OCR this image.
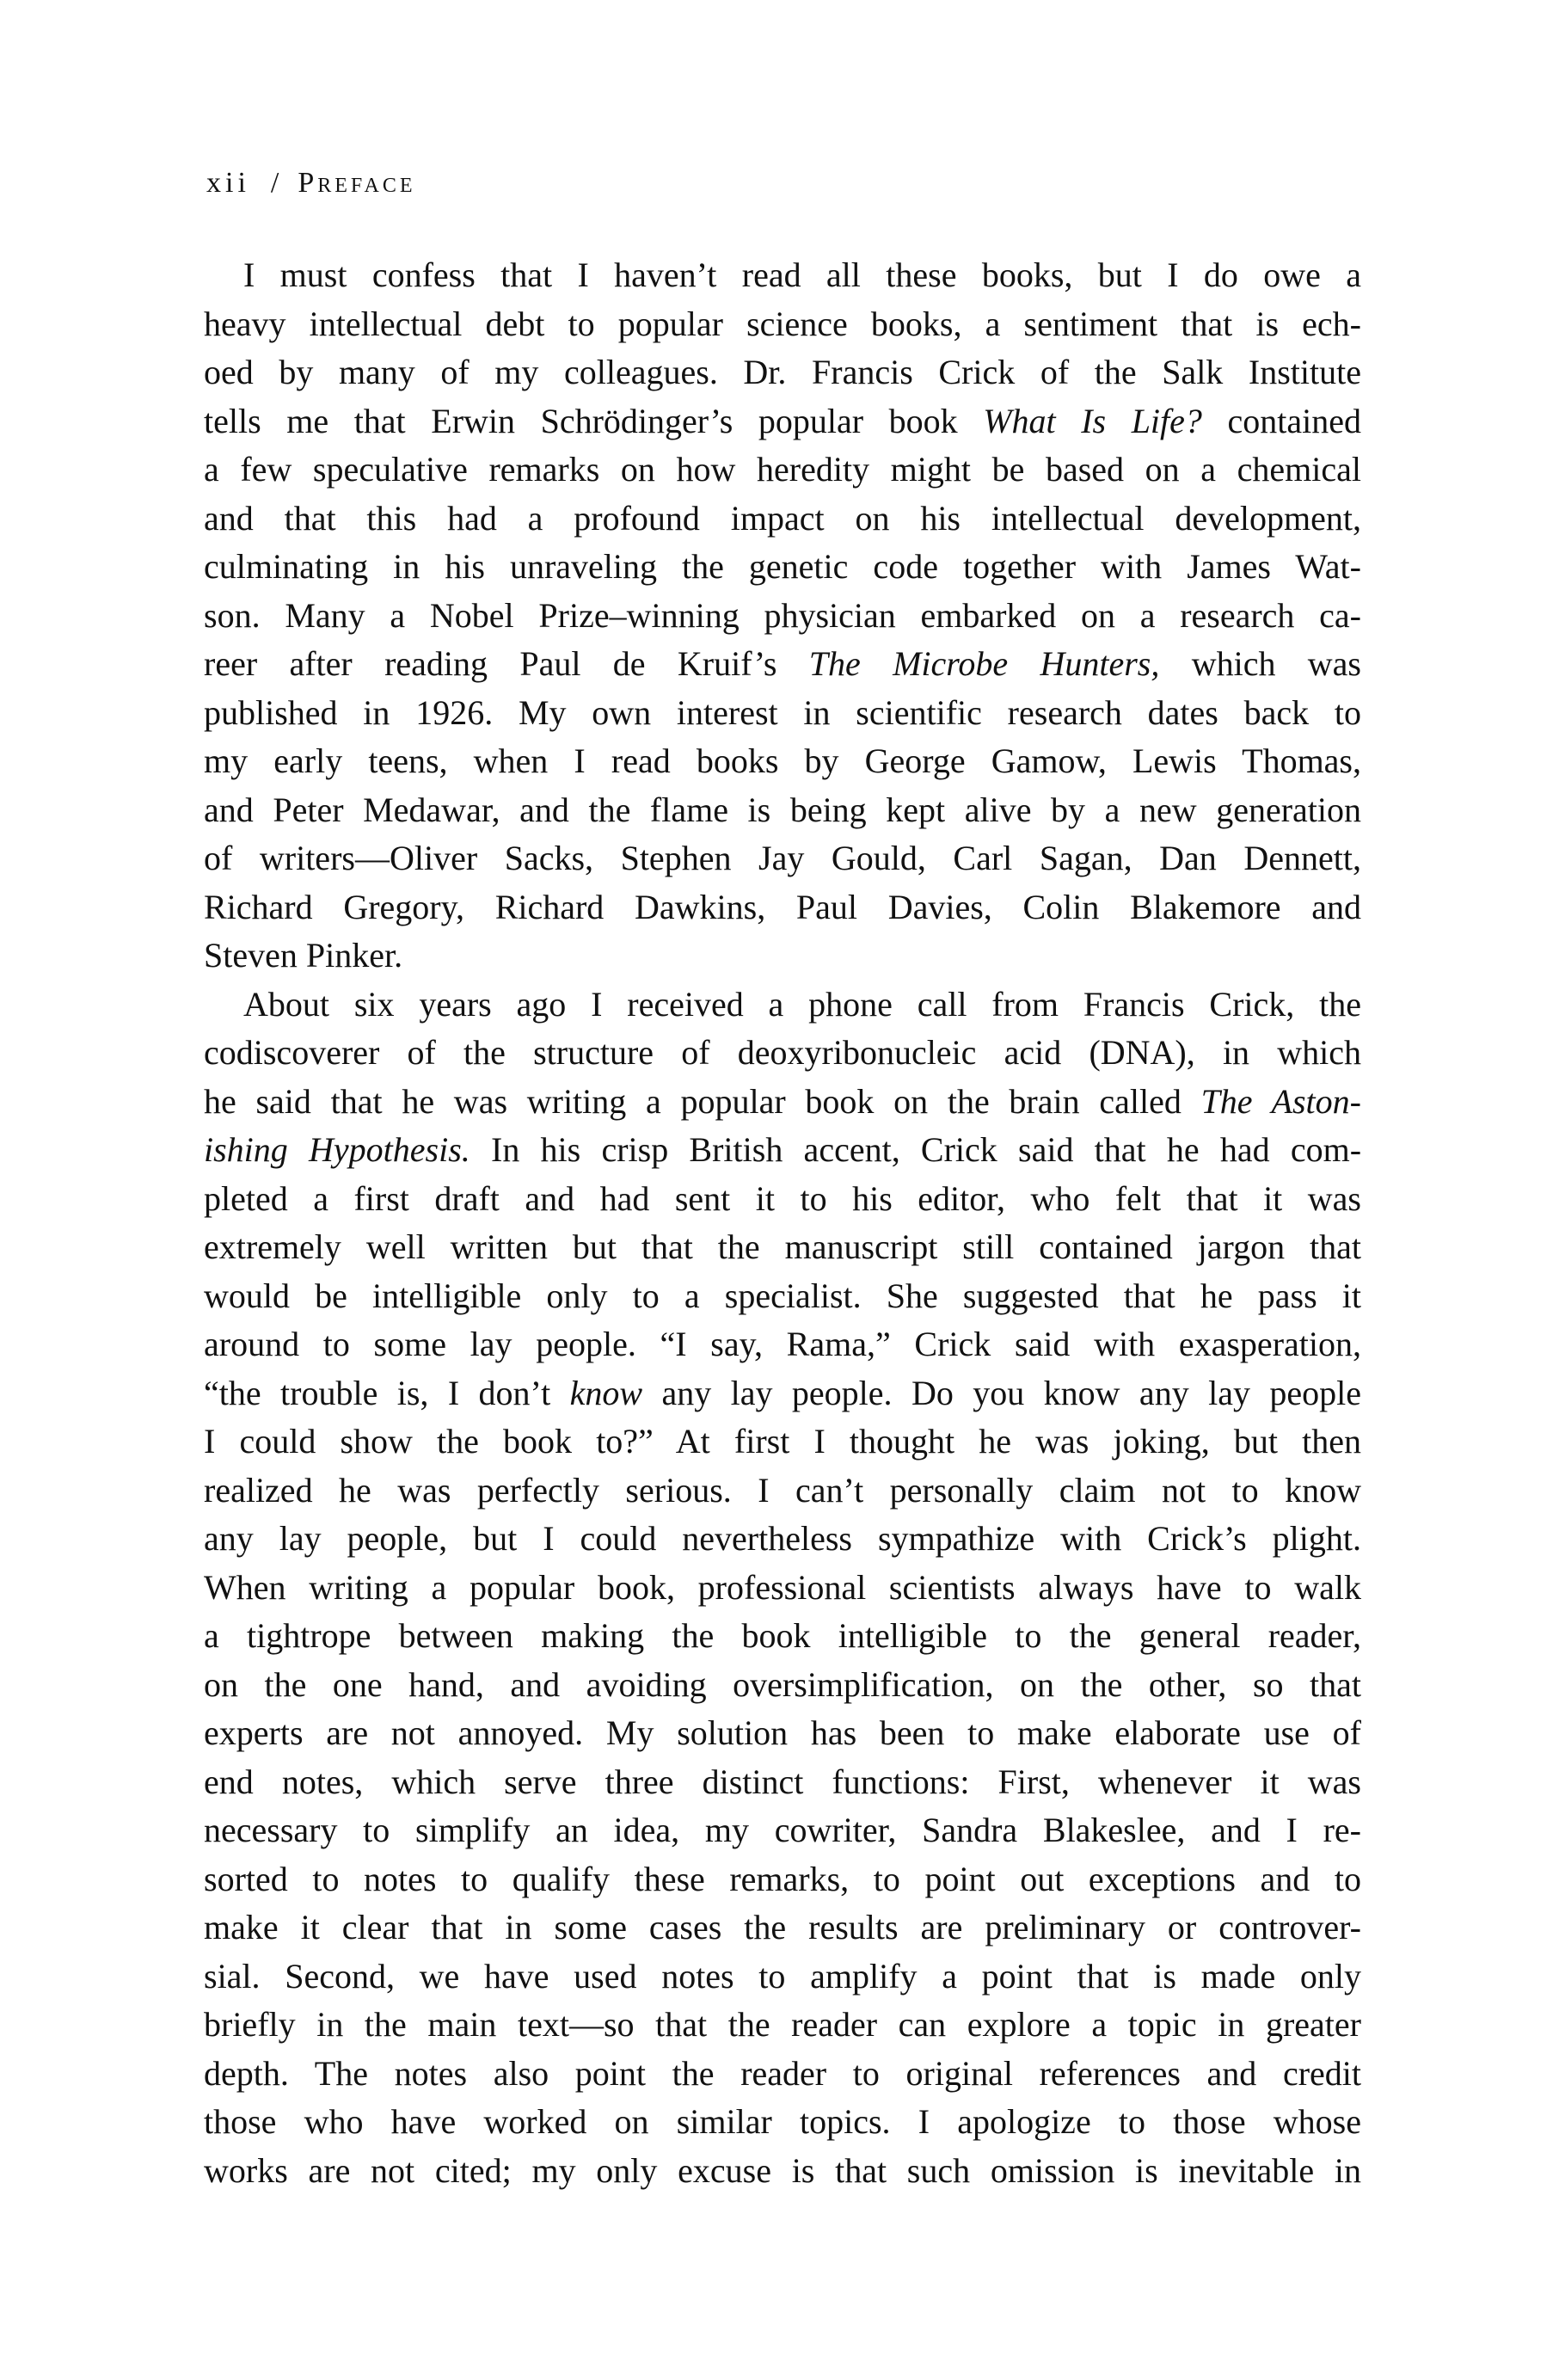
xii / Preface
I must confess that I haven’t read all these books, but I do owe a
heavy intellectual debt to popular science books, a sentiment that is ech-
oed by many of my colleagues. Dr. Francis Crick of the Salk Institute
tells me that Erwin Schrödinger’s popular book What Is Life? contained
a few speculative remarks on how heredity might be based on a chemical
and that this had a profound impact on his intellectual development,
culminating in his unraveling the genetic code together with James Wat-
son. Many a Nobel Prize–winning physician embarked on a research ca-
reer after reading Paul de Kruif’s The Microbe Hunters, which was
published in 1926. My own interest in scientific research dates back to
my early teens, when I read books by George Gamow, Lewis Thomas,
and Peter Medawar, and the flame is being kept alive by a new generation
of writers—Oliver Sacks, Stephen Jay Gould, Carl Sagan, Dan Dennett,
Richard Gregory, Richard Dawkins, Paul Davies, Colin Blakemore and
Steven Pinker.
About six years ago I received a phone call from Francis Crick, the
codiscoverer of the structure of deoxyribonucleic acid (DNA), in which
he said that he was writing a popular book on the brain called The Aston-
ishing Hypothesis. In his crisp British accent, Crick said that he had com-
pleted a first draft and had sent it to his editor, who felt that it was
extremely well written but that the manuscript still contained jargon that
would be intelligible only to a specialist. She suggested that he pass it
around to some lay people. “I say, Rama,” Crick said with exasperation,
“the trouble is, I don’t know any lay people. Do you know any lay people
I could show the book to?” At first I thought he was joking, but then
realized he was perfectly serious. I can’t personally claim not to know
any lay people, but I could nevertheless sympathize with Crick’s plight.
When writing a popular book, professional scientists always have to walk
a tightrope between making the book intelligible to the general reader,
on the one hand, and avoiding oversimplification, on the other, so that
experts are not annoyed. My solution has been to make elaborate use of
end notes, which serve three distinct functions: First, whenever it was
necessary to simplify an idea, my cowriter, Sandra Blakeslee, and I re-
sorted to notes to qualify these remarks, to point out exceptions and to
make it clear that in some cases the results are preliminary or controver-
sial. Second, we have used notes to amplify a point that is made only
briefly in the main text—so that the reader can explore a topic in greater
depth. The notes also point the reader to original references and credit
those who have worked on similar topics. I apologize to those whose
works are not cited; my only excuse is that such omission is inevitable in
